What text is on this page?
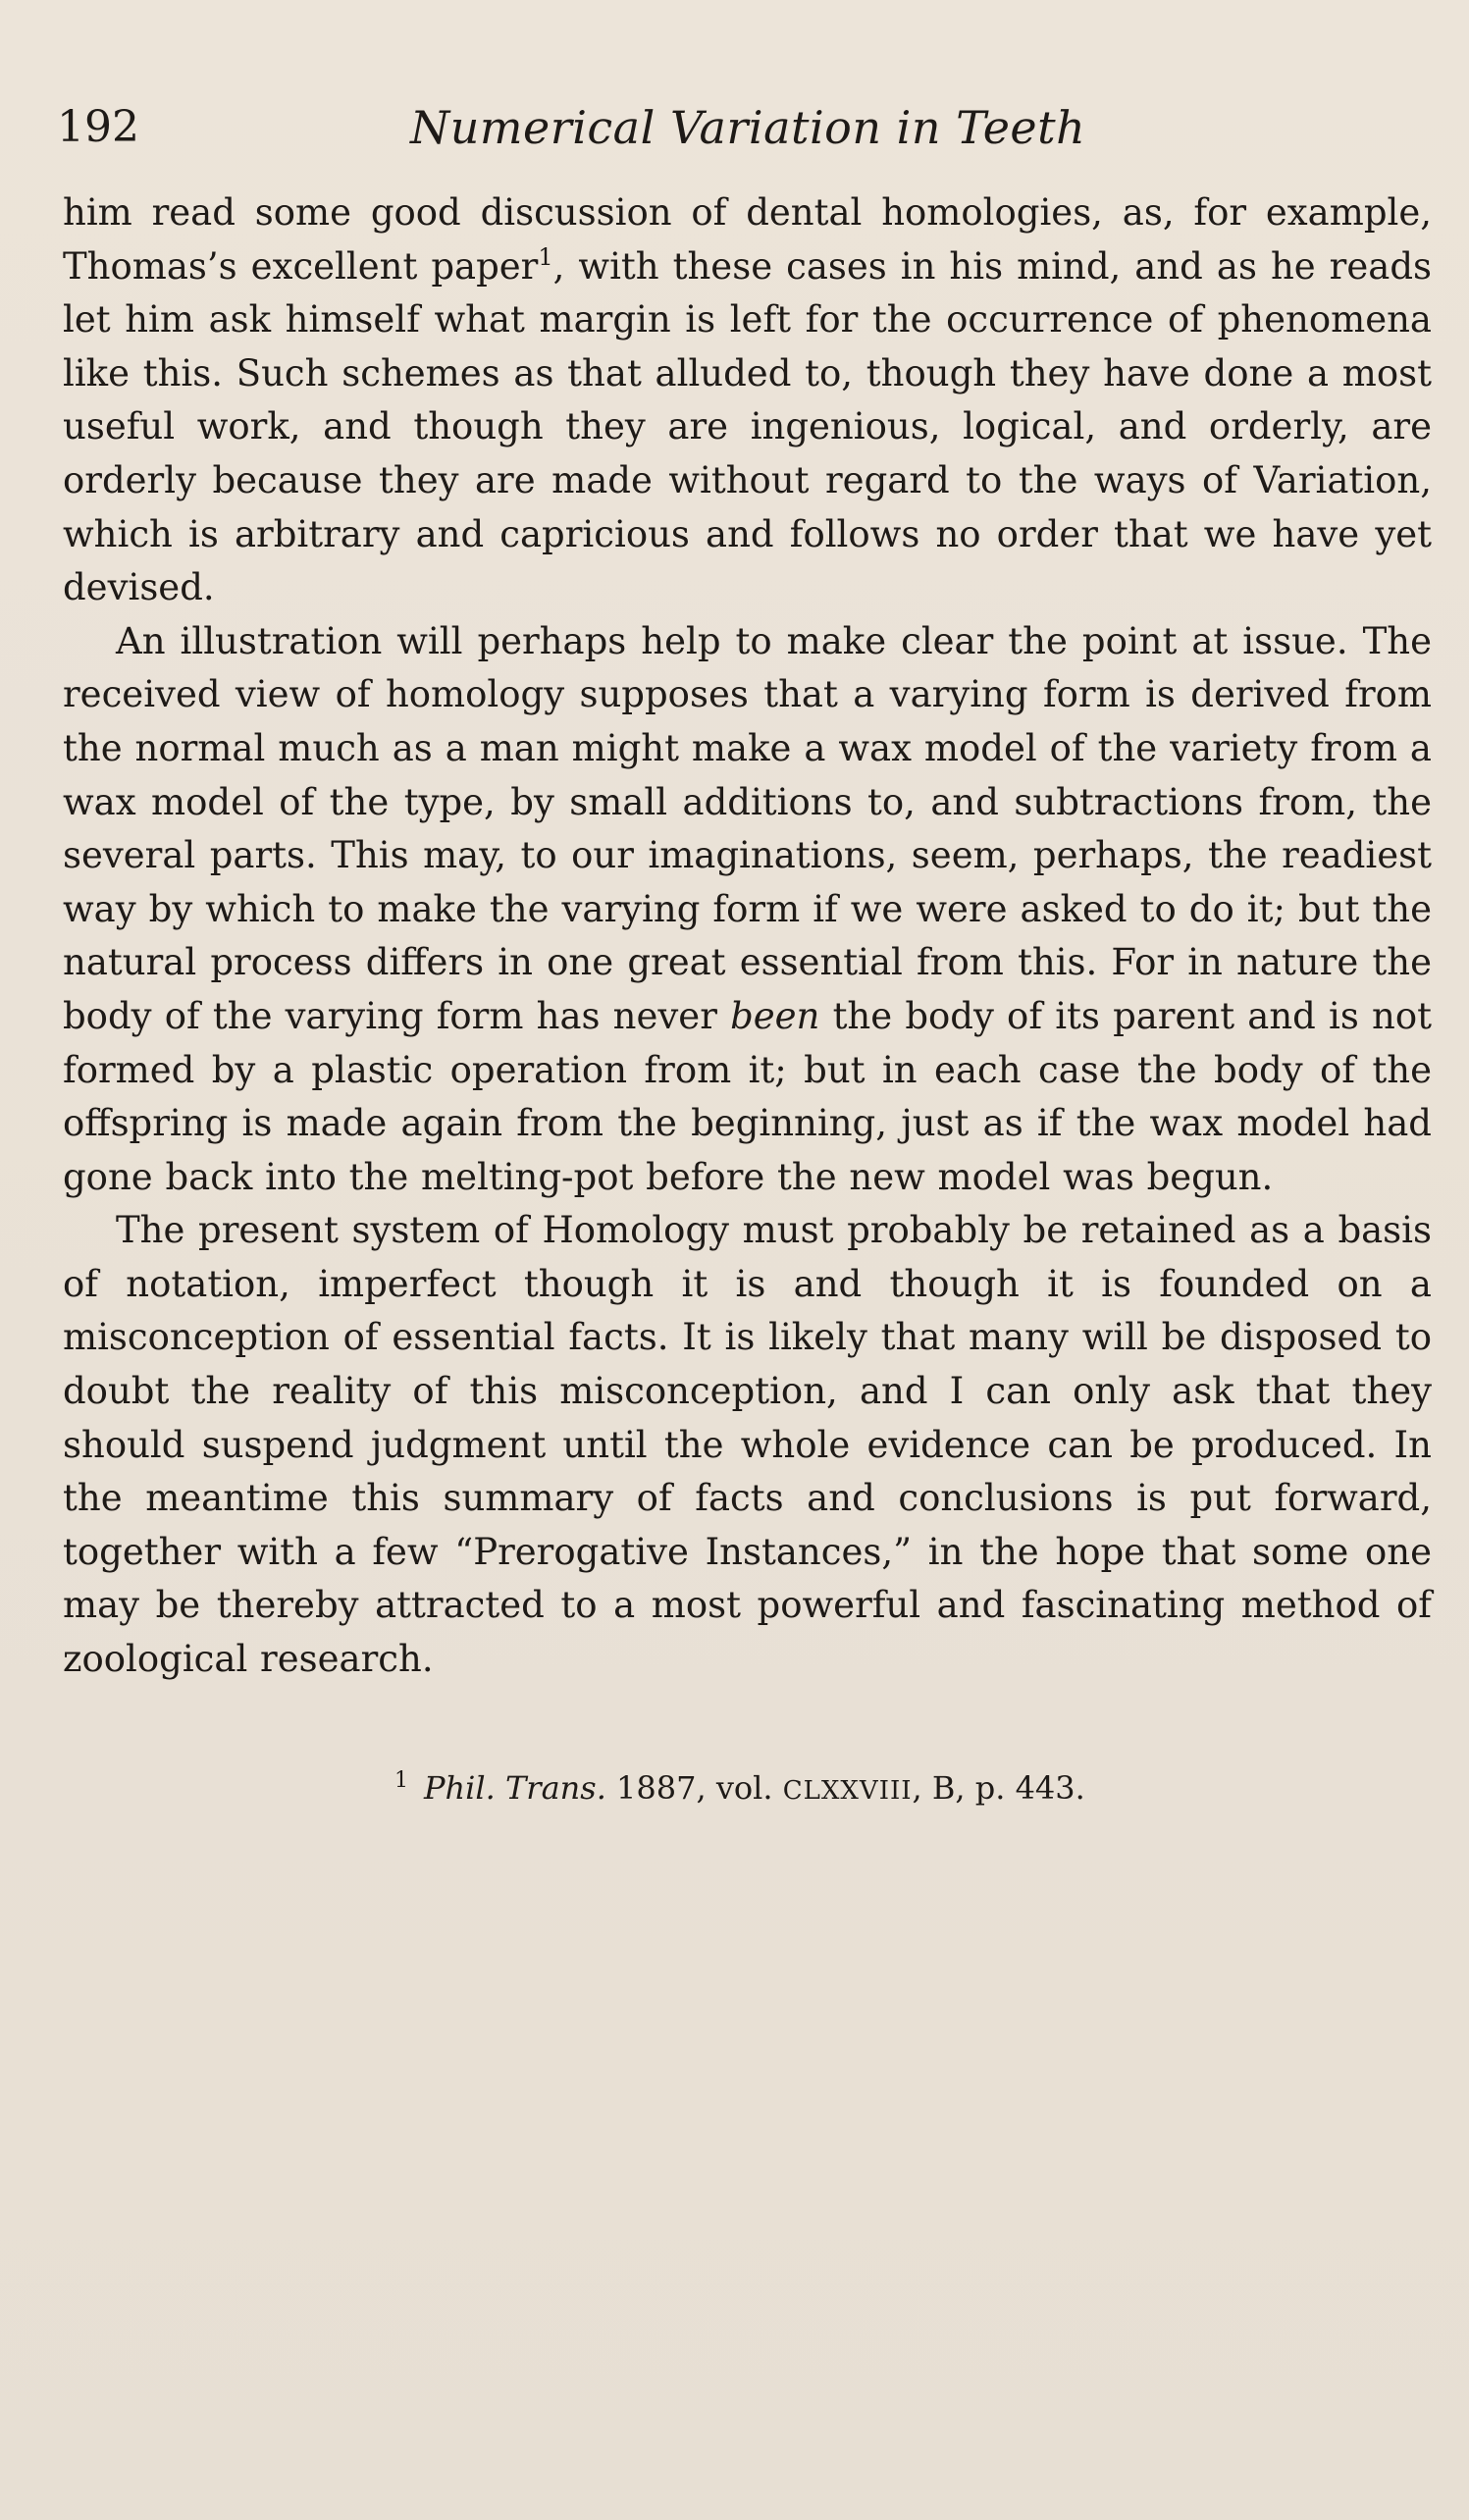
192	Numerical Variation in Teeth

him read some good discussion of dental homologies, as, for example, Thomas’s excellent paper$^1$, with these cases in his mind, and as he reads let him ask himself what margin is left for the occurrence of phenomena like this. Such schemes as that alluded to, though they have done a most useful work, and though they are ingenious, logical, and orderly, are orderly because they are made without regard to the ways of Variation, which is arbitrary and capricious and follows no order that we have yet devised.

An illustration will perhaps help to make clear the point at issue. The received view of homology supposes that a varying form is derived from the normal much as a man might make a wax model of the variety from a wax model of the type, by small additions to, and subtractions from, the several parts. This may, to our imaginations, seem, perhaps, the readiest way by which to make the varying form if we were asked to do it; but the natural process differs in one great essential from this. For in nature the body of the varying form has never been the body of its parent and is not formed by a plastic operation from it; but in each case the body of the offspring is made again from the beginning, just as if the wax model had gone back into the melting-pot before the new model was begun.

The present system of Homology must probably be retained as a basis of notation, imperfect though it is and though it is founded on a misconception of essential facts. It is likely that many will be disposed to doubt the reality of this misconception, and I can only ask that they should suspend judgment until the whole evidence can be produced. In the meantime this summary of facts and conclusions is put forward, together with a few “Prerogative Instances,” in the hope that some one may be thereby attracted to a most powerful and fascinating method of zoological research.

$^1$ Phil. Trans. 1887, vol. CLXXVIII, B, p. 443.
